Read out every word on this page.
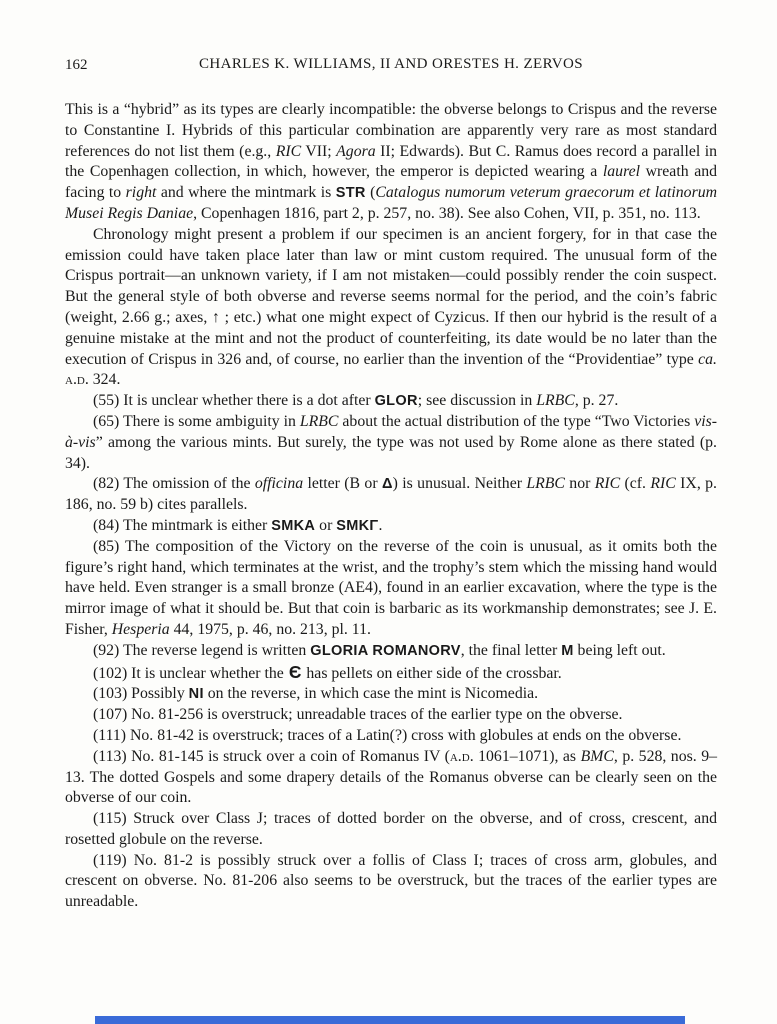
162	CHARLES K. WILLIAMS, II AND ORESTES H. ZERVOS

This is a “hybrid” as its types are clearly incompatible: the obverse belongs to Crispus and the reverse to Constantine I. Hybrids of this particular combination are apparently very rare as most standard references do not list them (e.g., RIC VII; Agora II; Edwards). But C. Ramus does record a parallel in the Copenhagen collection, in which, however, the emperor is depicted wearing a laurel wreath and facing to right and where the mintmark is STR (Catalogus numorum veterum graecorum et latinorum Musei Regis Daniae, Copenhagen 1816, part 2, p. 257, no. 38). See also Cohen, VII, p. 351, no. 113.

Chronology might present a problem if our specimen is an ancient forgery, for in that case the emission could have taken place later than law or mint custom required. The unusual form of the Crispus portrait—an unknown variety, if I am not mistaken—could possibly render the coin suspect. But the general style of both obverse and reverse seems normal for the period, and the coin’s fabric (weight, 2.66 g.; axes, ↑ ; etc.) what one might expect of Cyzicus. If then our hybrid is the result of a genuine mistake at the mint and not the product of counterfeiting, its date would be no later than the execution of Crispus in 326 and, of course, no earlier than the invention of the “Providentiae” type ca. a.d. 324.

(55) It is unclear whether there is a dot after GLOR; see discussion in LRBC, p. 27.

(65) There is some ambiguity in LRBC about the actual distribution of the type “Two Victories vis-à-vis” among the various mints. But surely, the type was not used by Rome alone as there stated (p. 34).

(82) The omission of the officina letter (B or Δ) is unusual. Neither LRBC nor RIC (cf. RIC IX, p. 186, no. 59 b) cites parallels.

(84) The mintmark is either SMKA or SMKΓ.

(85) The composition of the Victory on the reverse of the coin is unusual, as it omits both the figure’s right hand, which terminates at the wrist, and the trophy’s stem which the missing hand would have held. Even stranger is a small bronze (AE4), found in an earlier excavation, where the type is the mirror image of what it should be. But that coin is barbaric as its workmanship demonstrates; see J. E. Fisher, Hesperia 44, 1975, p. 46, no. 213, pl. 11.

(92) The reverse legend is written GLORIA ROMANORV, the final letter M being left out.

(102) It is unclear whether the Є has pellets on either side of the crossbar.

(103) Possibly NI on the reverse, in which case the mint is Nicomedia.

(107) No. 81-256 is overstruck; unreadable traces of the earlier type on the obverse.

(111) No. 81-42 is overstruck; traces of a Latin(?) cross with globules at ends on the obverse.

(113) No. 81-145 is struck over a coin of Romanus IV (a.d. 1061–1071), as BMC, p. 528, nos. 9–13. The dotted Gospels and some drapery details of the Romanus obverse can be clearly seen on the obverse of our coin.

(115) Struck over Class J; traces of dotted border on the obverse, and of cross, crescent, and rosetted globule on the reverse.

(119) No. 81-2 is possibly struck over a follis of Class I; traces of cross arm, globules, and crescent on obverse. No. 81-206 also seems to be overstruck, but the traces of the earlier types are unreadable.
